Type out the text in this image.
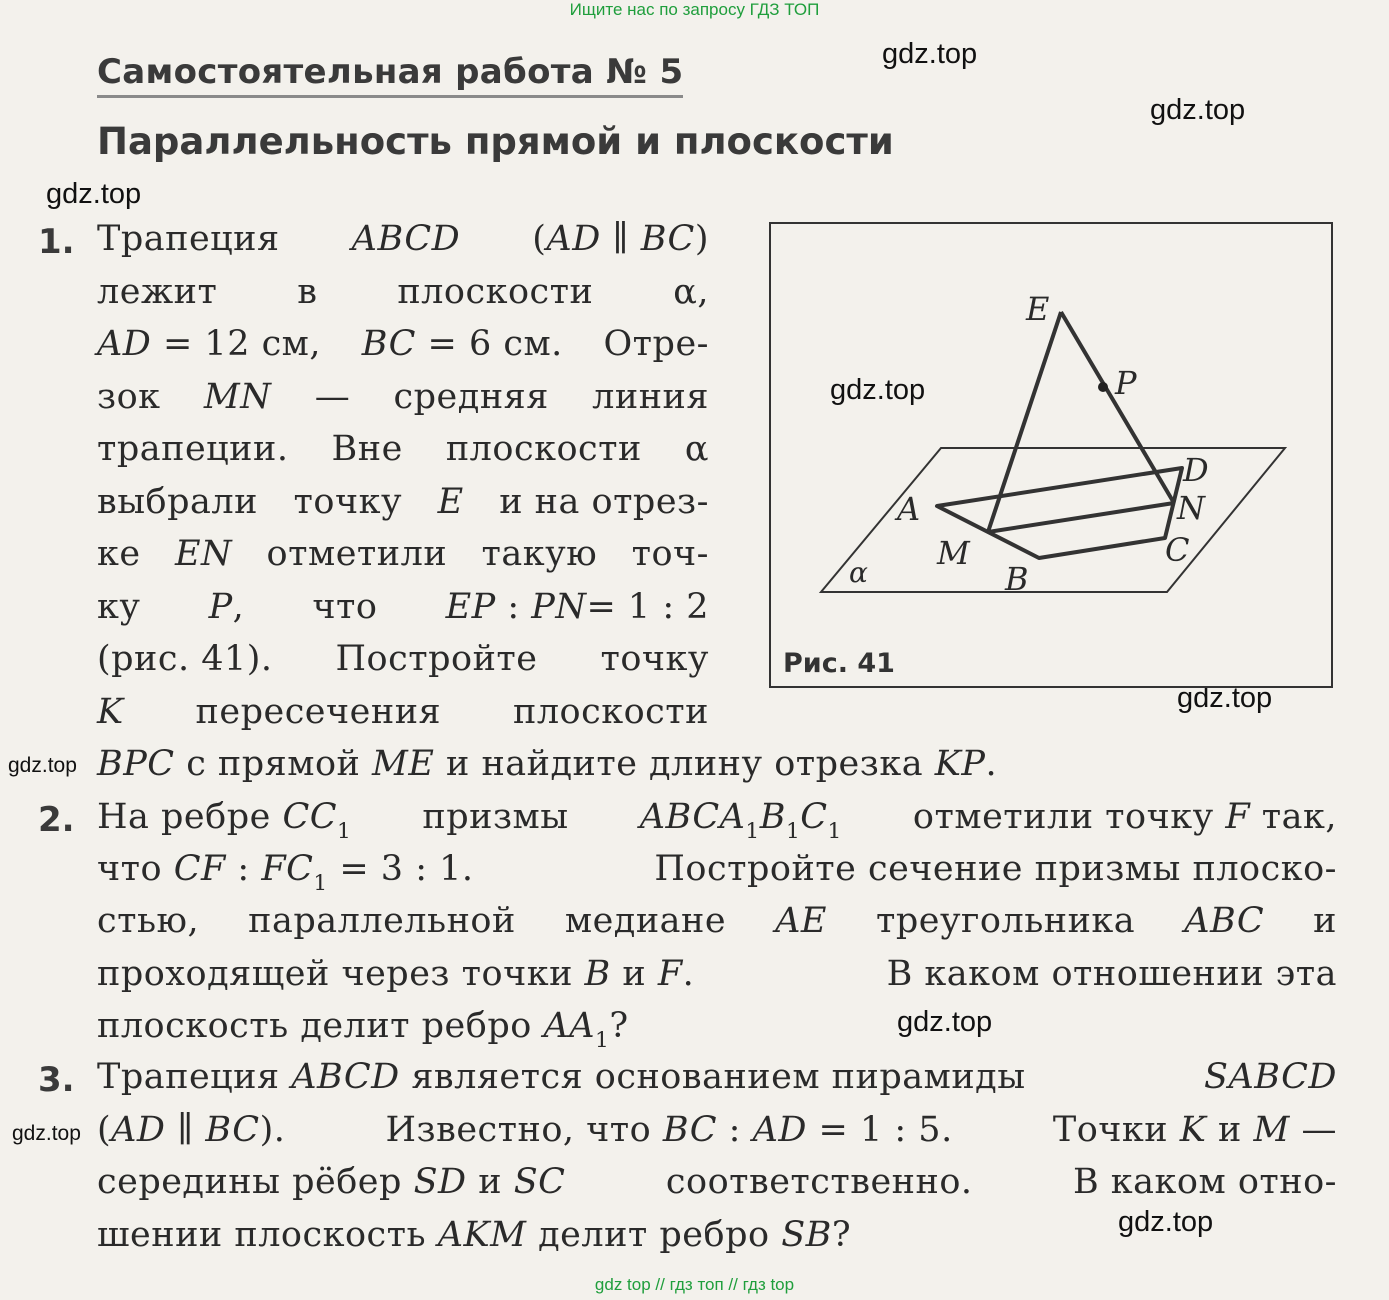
Ищите нас по запросу ГДЗ ТОП
gdz top // гдз топ // гдз top
gdz.top
gdz.top
gdz.top
gdz.top
gdz.top
gdz.top
gdz.top
gdz.top
gdz.top
Самостоятельная работа № 5
Параллельность прямой и плоскости
1.
2.
3.
Трапеция ABCD (AD ∥ BC)
лежит в плоскости α,
AD = 12 см, BC = 6 см. Отре-
зок MN — средняя линия
трапеции. Вне плоскости α
выбрали точку E и на отрез-
ке EN отметили такую точ-
ку P, что EP : PN= 1 : 2
(рис. 41). Постройте точку
K пересечения плоскости
BPC с прямой ME и найдите длину отрезка KP.
E
P
D
N
A
M	C
B
α
Рис. 41
На ребре $CC_1$ призмы $ABCA_1B_1C_1$ отметили точку F так,
что CF : $FC_1 = 3$ : 1.	Постройте сечение призмы плоско-
стью, параллельной медиане AE треугольника ABC и
проходящей через точки B и F.	В каком отношении эта
плоскость делит ребро $AA_1$?
Трапеция ABCD является основанием пирамиды	SABCD
(AD ∥ BC).	Известно, что BC : AD = 1 : 5.	Точки K и M —
середины рёбер SD и SC	соответственно.	В каком отно-
шении плоскость AKM делит ребро SB?
